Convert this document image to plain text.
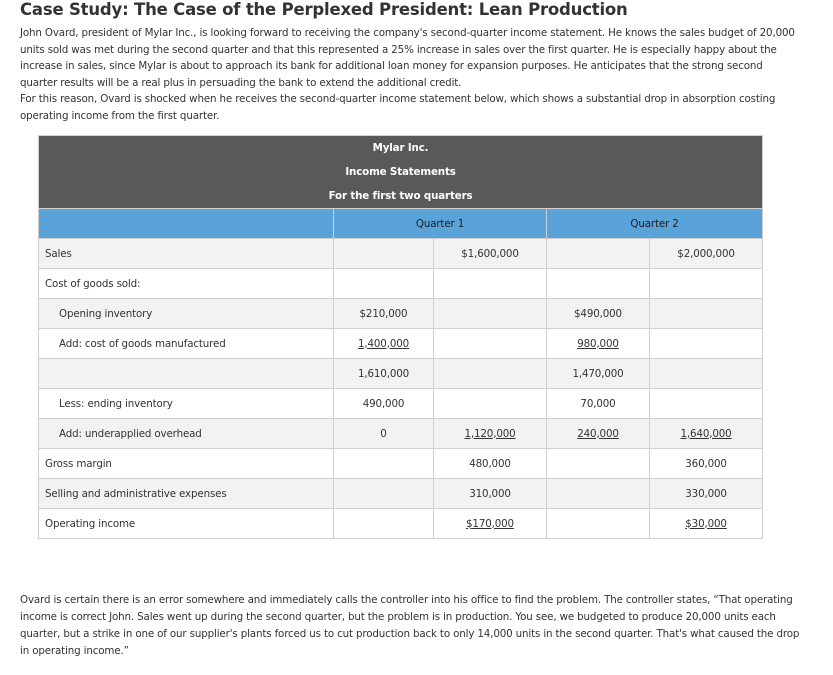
Case Study: The Case of the Perplexed President: Lean Production

John Ovard, president of Mylar Inc., is looking forward to receiving the company's second-quarter income statement. He knows the sales budget of 20,000 units sold was met during the second quarter and that this represented a 25% increase in sales over the first quarter. He is especially happy about the increase in sales, since Mylar is about to approach its bank for additional loan money for expansion purposes. He anticipates that the strong second quarter results will be a real plus in persuading the bank to extend the additional credit.

For this reason, Ovard is shocked when he receives the second-quarter income statement below, which shows a substantial drop in absorption costing operating income from the first quarter.

Mylar Inc.
Income Statements
For the first two quarters				

	Quarter 1		Quarter 2	
Sales		$1,600,000		$2,000,000
Cost of goods sold:				
Opening inventory	$210,000		$490,000	
Add: cost of goods manufactured	1,400,000		980,000	
	1,610,000		1,470,000	
Less: ending inventory	490,000		70,000	
Add: underapplied overhead	0	1,120,000	240,000	1,640,000
Gross margin		480,000		360,000
Selling and administrative expenses		310,000		330,000
Operating income		$170,000		$30,000
Ovard is certain there is an error somewhere and immediately calls the controller into his office to find the problem. The controller states, “That operating income is correct John. Sales went up during the second quarter, but the problem is in production. You see, we budgeted to produce 20,000 units each quarter, but a strike in one of our supplier's plants forced us to cut production back to only 14,000 units in the second quarter. That's what caused the drop in operating income.”
